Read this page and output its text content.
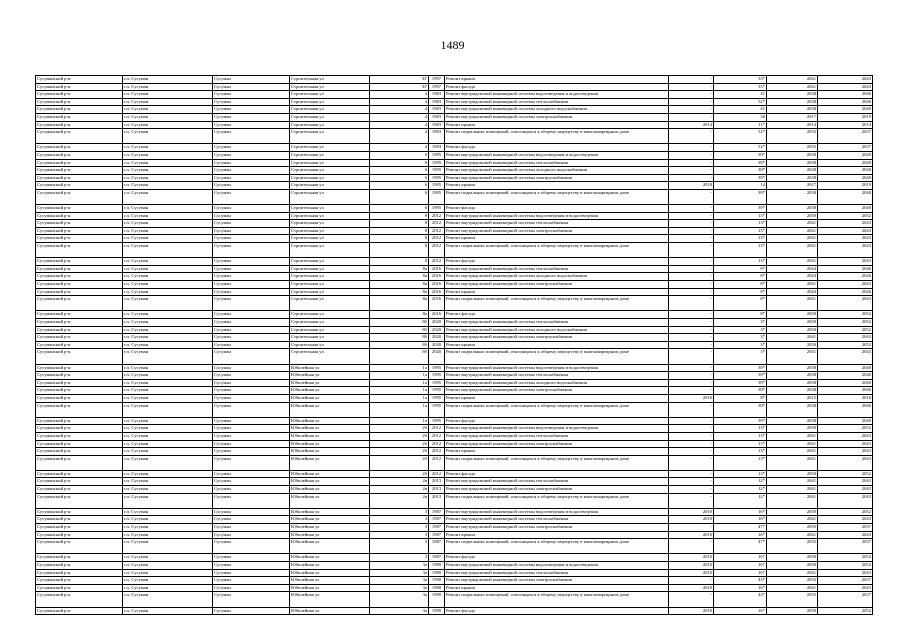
1489
Сусуманский р-н	г.п. Сусуман	Сусуман	Строительная ул	3Г	1997	Ремонт крыши	-	33*	2041	2043
Сусуманский р-н	г.п. Сусуман	Сусуман	Строительная ул	3Г	1997	Ремонт фасада	-	33*	2041	2043
Сусуманский р-н	г.п. Сусуман	Сусуман	Строительная ул	4	1983	Ремонт внутридомовой инженерной системы водоотведения и водоотведения	-	41	2038	2040
Сусуманский р-н	г.п. Сусуман	Сусуман	Строительная ул	4	1983	Ремонт внутридомовой инженерной системы теплоснабжения	-	52*	2038	2046
Сусуманский р-н	г.п. Сусуман	Сусуман	Строительная ул	4	1983	Ремонт внутридомовой инженерной системы холодного водоснабжения	-	41	2038	2040
Сусуманский р-н	г.п. Сусуман	Сусуман	Строительная ул	4	1983	Ремонт внутридомовой инженерной системы электроснабжения	-	30	2017	2019
Сусуманский р-н	г.п. Сусуман	Сусуман	Строительная ул	4	1983	Ремонт крыши	2014	11*	2014	2014
Сусуманский р-н	г.п. Сусуман	Сусуман	Строительная ул	4	1983	Ремонт подвальных помещений, относящихся к общему имуществу в многоквартирном доме	-	52*	2035	2037
Сусуманский р-н	г.п. Сусуман	Сусуман	Строительная ул	4	1983	Ремонт фасада	-	52*	2035	2037
Сусуманский р-н	г.п. Сусуман	Сусуман	Строительная ул	6	1995	Ремонт внутридомовой инженерной системы водоотведения и водоотведения	-	39*	2038	2040
Сусуманский р-н	г.п. Сусуман	Сусуман	Строительная ул	6	1995	Ремонт внутридомовой инженерной системы теплоснабжения	-	39*	2038	2040
Сусуманский р-н	г.п. Сусуман	Сусуман	Строительная ул	6	1995	Ремонт внутридомовой инженерной системы холодного водоснабжения	-	39*	2038	2040
Сусуманский р-н	г.п. Сусуман	Сусуман	Строительная ул	6	1995	Ремонт внутридомовой инженерной системы электроснабжения	-	39*	2038	2040
Сусуманский р-н	г.п. Сусуман	Сусуман	Строительная ул	6	1995	Ремонт крыши	2018	14	2017	2019
Сусуманский р-н	г.п. Сусуман	Сусуман	Строительная ул	6	1995	Ремонт подвальных помещений, относящихся к общему имуществу в многоквартирном доме	-	39*	2038	2040
Сусуманский р-н	г.п. Сусуман	Сусуман	Строительная ул	6	1995	Ремонт фасада	-	39*	2038	2040
Сусуманский р-н	г.п. Сусуман	Сусуман	Строительная ул	8	2012	Ремонт внутридомовой инженерной системы водоотведения и водоотведения	-	13*	2050	2052
Сусуманский р-н	г.п. Сусуман	Сусуман	Строительная ул	8	2012	Ремонт внутридомовой инженерной системы теплоснабжения	-	13*	2041	2043
Сусуманский р-н	г.п. Сусуман	Сусуман	Строительная ул	8	2012	Ремонт внутридомовой инженерной системы электроснабжения	-	13*	2041	2043
Сусуманский р-н	г.п. Сусуман	Сусуман	Строительная ул	8	2012	Ремонт крыши	-	13*	2041	2043
Сусуманский р-н	г.п. Сусуман	Сусуман	Строительная ул	8	2012	Ремонт подвальных помещений, относящихся к общему имуществу в многоквартирном доме	-	13*	2041	2043
Сусуманский р-н	г.п. Сусуман	Сусуман	Строительная ул	8	2012	Ремонт фасада	-	13*	2041	2043
Сусуманский р-н	г.п. Сусуман	Сусуман	Строительная ул	8а	2016	Ремонт внутридомовой инженерной системы теплоснабжения	-	8*	2044	2046
Сусуманский р-н	г.п. Сусуман	Сусуман	Строительная ул	8а	2016	Ремонт внутридомовой инженерной системы холодного водоснабжения	-	8*	2044	2046
Сусуманский р-н	г.п. Сусуман	Сусуман	Строительная ул	8а	2016	Ремонт внутридомовой инженерной системы электроснабжения	-	8*	2041	2043
Сусуманский р-н	г.п. Сусуман	Сусуман	Строительная ул	8а	2016	Ремонт крыши	-	8*	2044	2046
Сусуманский р-н	г.п. Сусуман	Сусуман	Строительная ул	8а	2016	Ремонт подвальных помещений, относящихся к общему имуществу в многоквартирном доме	-	8*	2041	2043
Сусуманский р-н	г.п. Сусуман	Сусуман	Строительная ул	8а	2016	Ремонт фасада	-	8*	2050	2052
Сусуманский р-н	г.п. Сусуман	Сусуман	Строительная ул	8б	2020	Ремонт внутридомовой инженерной системы теплоснабжения	-	3*	2050	2052
Сусуманский р-н	г.п. Сусуман	Сусуман	Строительная ул	8б	2020	Ремонт внутридомовой инженерной системы холодного водоснабжения	-	3*	2050	2052
Сусуманский р-н	г.п. Сусуман	Сусуман	Строительная ул	8б	2020	Ремонт внутридомовой инженерной системы электроснабжения	-	3*	2041	2043
Сусуманский р-н	г.п. Сусуман	Сусуман	Строительная ул	8б	2020	Ремонт крыши	-	3*	2050	2052
Сусуманский р-н	г.п. Сусуман	Сусуман	Строительная ул	8б	2020	Ремонт подвальных помещений, относящихся к общему имуществу в многоквартирном доме	-	3*	2041	2043
Сусуманский р-н	г.п. Сусуман	Сусуман	Юбилейная ул	1а	1995	Ремонт внутридомовой инженерной системы водоотведения и водоотведения	-	39*	2038	2040
Сусуманский р-н	г.п. Сусуман	Сусуман	Юбилейная ул	1а	1995	Ремонт внутридомовой инженерной системы теплоснабжения	-	39*	2038	2040
Сусуманский р-н	г.п. Сусуман	Сусуман	Юбилейная ул	1а	1995	Ремонт внутридомовой инженерной системы холодного водоснабжения	-	39*	2038	2040
Сусуманский р-н	г.п. Сусуман	Сусуман	Юбилейная ул	1а	1995	Ремонт внутридомовой инженерной системы электроснабжения	-	39*	2038	2040
Сусуманский р-н	г.п. Сусуман	Сусуман	Юбилейная ул	1а	1995	Ремонт крыши	2016	8*	2015	2016
Сусуманский р-н	г.п. Сусуман	Сусуман	Юбилейная ул	1а	1995	Ремонт подвальных помещений, относящихся к общему имуществу в многоквартирном доме	-	39*	2038	2040
Сусуманский р-н	г.п. Сусуман	Сусуман	Юбилейная ул	1а	1995	Ремонт фасада	-	39*	2038	2040
Сусуманский р-н	г.п. Сусуман	Сусуман	Юбилейная ул	2б	2012	Ремонт внутридомовой инженерной системы водоотведения и водоотведения	-	13*	2050	2052
Сусуманский р-н	г.п. Сусуман	Сусуман	Юбилейная ул	2б	2012	Ремонт внутридомовой инженерной системы теплоснабжения	-	13*	2041	2043
Сусуманский р-н	г.п. Сусуман	Сусуман	Юбилейная ул	2б	2012	Ремонт внутридомовой инженерной системы электроснабжения	-	13*	2041	2043
Сусуманский р-н	г.п. Сусуман	Сусуман	Юбилейная ул	2б	2012	Ремонт крыши	-	13*	2041	2043
Сусуманский р-н	г.п. Сусуман	Сусуман	Юбилейная ул	2б	2012	Ремонт подвальных помещений, относящихся к общему имуществу в многоквартирном доме	-	13*	2041	2043
Сусуманский р-н	г.п. Сусуман	Сусуман	Юбилейная ул	2б	2012	Ремонт фасада	-	13*	2050	2052
Сусуманский р-н	г.п. Сусуман	Сусуман	Юбилейная ул	2в	2013	Ремонт внутридомовой инженерной системы теплоснабжения	-	12*	2041	2043
Сусуманский р-н	г.п. Сусуман	Сусуман	Юбилейная ул	2в	2013	Ремонт внутридомовой инженерной системы электроснабжения	-	12*	2041	2043
Сусуманский р-н	г.п. Сусуман	Сусуман	Юбилейная ул	2в	2013	Ремонт подвальных помещений, относящихся к общему имуществу в многоквартирном доме	-	12*	2041	2043
Сусуманский р-н	г.п. Сусуман	Сусуман	Юбилейная ул	3	1987	Ремонт внутридомовой инженерной системы водоотведения и водоотведения	2010	16*	2050	2052
Сусуманский р-н	г.п. Сусуман	Сусуман	Юбилейная ул	3	1987	Ремонт внутридомовой инженерной системы теплоснабжения	2010	16*	2041	2043
Сусуманский р-н	г.п. Сусуман	Сусуман	Юбилейная ул	3	1987	Ремонт внутридомовой инженерной системы электроснабжения	-	47*	2035	2037
Сусуманский р-н	г.п. Сусуман	Сусуман	Юбилейная ул	3	1987	Ремонт крыши	2010	16*	2041	2043
Сусуманский р-н	г.п. Сусуман	Сусуман	Юбилейная ул	3	1987	Ремонт подвальных помещений, относящихся к общему имуществу в многоквартирном доме	-	47*	2035	2037
Сусуманский р-н	г.п. Сусуман	Сусуман	Юбилейная ул	3	1987	Ремонт фасада	2010	16*	2050	2052
Сусуманский р-н	г.п. Сусуман	Сусуман	Юбилейная ул	3а	1990	Ремонт внутридомовой инженерной системы водоотведения и водоотведения	2010	16*	2050	2052
Сусуманский р-н	г.п. Сусуман	Сусуман	Юбилейная ул	3а	1990	Ремонт внутридомовой инженерной системы теплоснабжения	2010	16*	2041	2043
Сусуманский р-н	г.п. Сусуман	Сусуман	Юбилейная ул	3а	1990	Ремонт внутридомовой инженерной системы электроснабжения	-	43*	2035	2037
Сусуманский р-н	г.п. Сусуман	Сусуман	Юбилейная ул	3а	1990	Ремонт крыши	2010	16*	2041	2043
Сусуманский р-н	г.п. Сусуман	Сусуман	Юбилейная ул	3а	1990	Ремонт подвальных помещений, относящихся к общему имуществу в многоквартирном доме	-	43*	2035	2037
Сусуманский р-н	г.п. Сусуман	Сусуман	Юбилейная ул	3а	1990	Ремонт фасада	2010	16*	2050	2052
